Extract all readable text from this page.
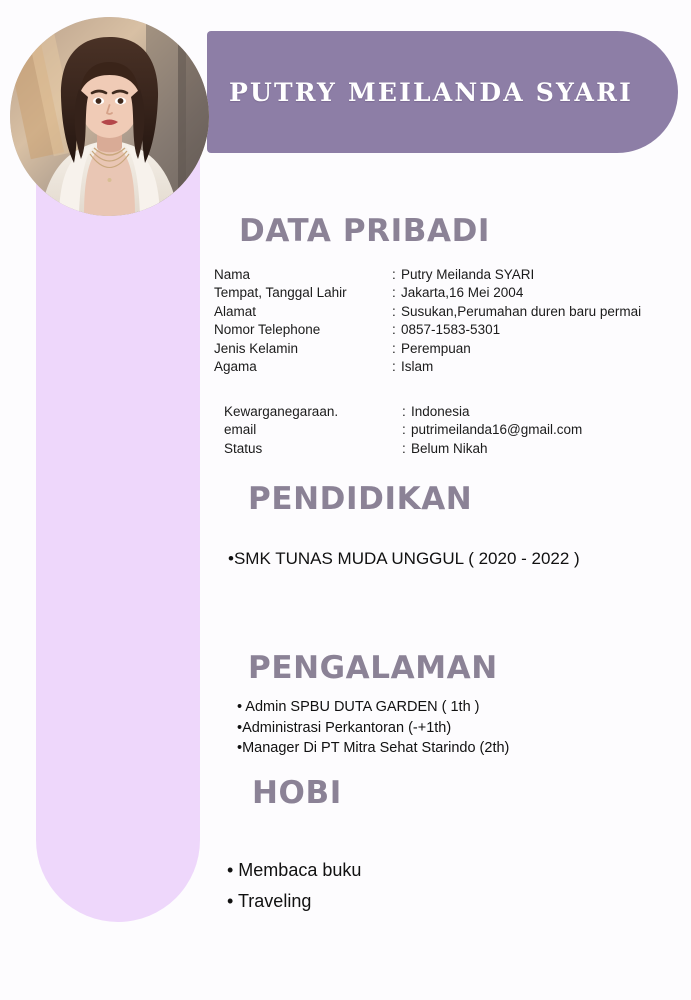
PUTRY MEILANDA SYARI
DATA PRIBADI
Nama	: Putry Meilanda SYARI
Tempat, Tanggal Lahir	: Jakarta,16 Mei 2004
Alamat	: Susukan,Perumahan duren baru permai
Nomor Telephone	: 0857-1583-5301
Jenis Kelamin	: Perempuan
Agama	: Islam
Kewarganegaraan.	: Indonesia
email	: putrimeilanda16@gmail.com
Status	: Belum Nikah
PENDIDIKAN
•SMK TUNAS MUDA UNGGUL ( 2020 - 2022 )
PENGALAMAN
• Admin SPBU DUTA GARDEN ( 1th )
•Administrasi Perkantoran (-+1th)
•Manager Di PT Mitra Sehat Starindo (2th)
HOBI
• Membaca buku
• Traveling
